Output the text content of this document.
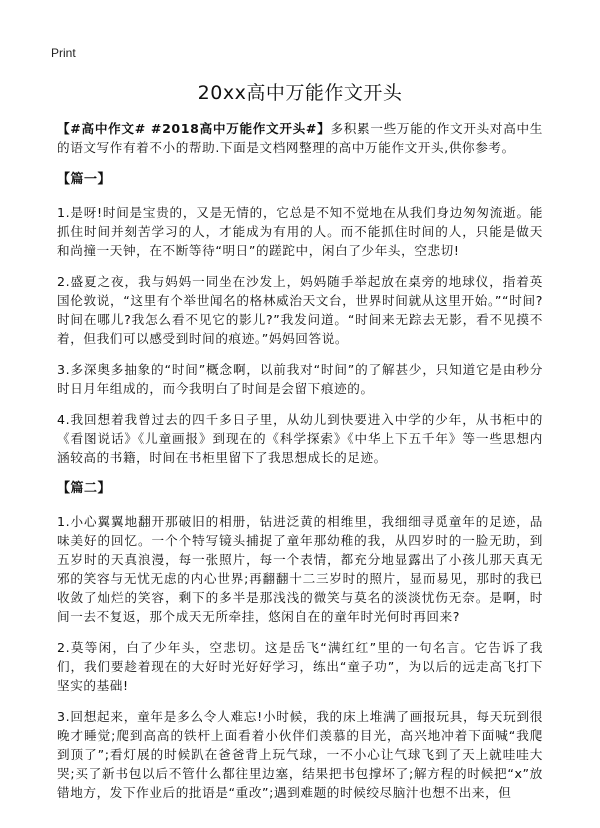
Print
20xx高中万能作文开头

【#高中作文# #2018高中万能作文开头#】多积累一些万能的作文开头对高中生的语文写作有着不小的帮助.下面是文档网整理的高中万能作文开头,供你参考。

【篇一】

1.是呀!时间是宝贵的，又是无情的，它总是不知不觉地在从我们身边匆匆流逝。能抓住时间并刻苦学习的人，才能成为有用的人。而不能抓住时间的人，只能是做天和尚撞一天钟，在不断等待“明日”的蹉跎中，闲白了少年头，空悲切!

2.盛夏之夜，我与妈妈一同坐在沙发上，妈妈随手举起放在桌旁的地球仪，指着英国伦敦说，“这里有个举世闻名的格林威治天文台，世界时间就从这里开始。”“时间?时间在哪儿?我怎么看不见它的影儿?”我发问道。“时间来无踪去无影，看不见摸不着，但我们可以感受到时间的痕迹。”妈妈回答说。

3.多深奥多抽象的“时间”概念啊，以前我对“时间”的了解甚少，只知道它是由秒分时日月年组成的，而今我明白了时间是会留下痕迹的。

4.我回想着我曾过去的四千多日子里，从幼儿到快要进入中学的少年，从书柜中的《看图说话》《儿童画报》到现在的《科学探索》《中华上下五千年》等一些思想内涵较高的书籍，时间在书柜里留下了我思想成长的足迹。

【篇二】

1.小心翼翼地翻开那破旧的相册，钻进泛黄的相维里，我细细寻觅童年的足迹，品味美好的回忆。一个个特写镜头捕捉了童年那幼稚的我，从四岁时的一脸无助，到五岁时的天真浪漫，每一张照片，每一个表情，都充分地显露出了小孩儿那天真无邪的笑容与无忧无虑的内心世界;再翻翻十二三岁时的照片，显而易见，那时的我已收敛了灿烂的笑容，剩下的多半是那浅浅的微笑与莫名的淡淡忧伤无奈。是啊，时间一去不复返，那个成天无所牵挂，悠闲自在的童年时光何时再回来?

2.莫等闲，白了少年头，空悲切。这是岳飞“满红红”里的一句名言。它告诉了我们，我们要趁着现在的大好时光好好学习，练出“童子功”，为以后的远走高飞打下坚实的基础!

3.回想起来，童年是多么令人难忘!小时候，我的床上堆满了画报玩具，每天玩到很晚才睡觉;爬到高高的铁杆上面看着小伙伴们羡慕的目光，高兴地冲着下面喊“我爬到顶了”;看灯展的时候趴在爸爸背上玩气球，一不小心让气球飞到了天上就哇哇大哭;买了新书包以后不管什么都往里边塞，结果把书包撑坏了;解方程的时候把“x”放错地方，发下作业后的批语是“重改”;遇到难题的时候绞尽脑汁也想不出来，但
